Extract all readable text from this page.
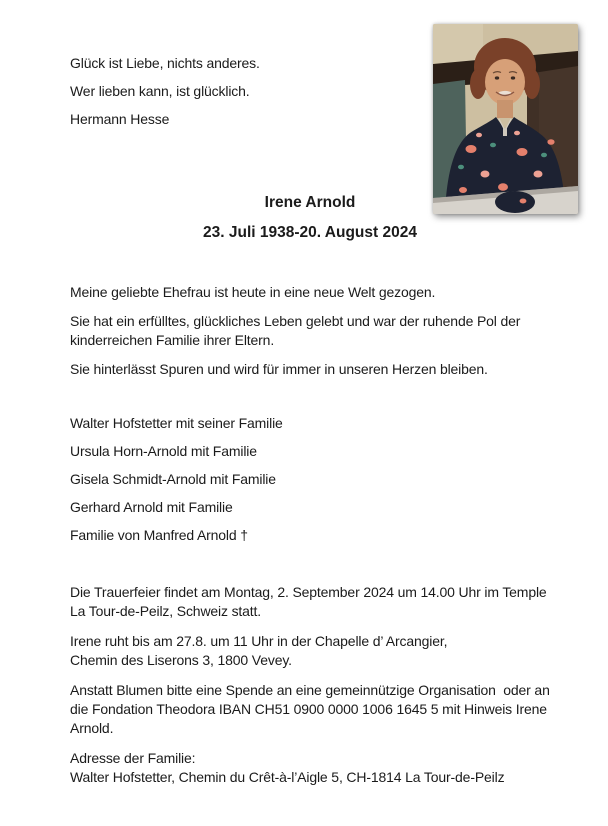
Glück ist Liebe, nichts anderes.
Wer lieben kann, ist glücklich.
Hermann Hesse
Irene Arnold
23. Juli 1938-20. August 2024
Meine geliebte Ehefrau ist heute in eine neue Welt gezogen.
Sie hat ein erfülltes, glückliches Leben gelebt und war der ruhende Pol der
kinderreichen Familie ihrer Eltern.
Sie hinterlässt Spuren und wird für immer in unseren Herzen bleiben.
Walter Hofstetter mit seiner Familie
Ursula Horn-Arnold mit Familie
Gisela Schmidt-Arnold mit Familie
Gerhard Arnold mit Familie
Familie von Manfred Arnold †
Die Trauerfeier findet am Montag, 2. September 2024 um 14.00 Uhr im Temple
La Tour-de-Peilz, Schweiz statt.
Irene ruht bis am 27.8. um 11 Uhr in der Chapelle d’ Arcangier,
Chemin des Liserons 3, 1800 Vevey.
Anstatt Blumen bitte eine Spende an eine gemeinnützige Organisation  oder an
die Fondation Theodora IBAN CH51 0900 0000 1006 1645 5 mit Hinweis Irene
Arnold.
Adresse der Familie:
Walter Hofstetter, Chemin du Crêt-à-l’Aigle 5, CH-1814 La Tour-de-Peilz
